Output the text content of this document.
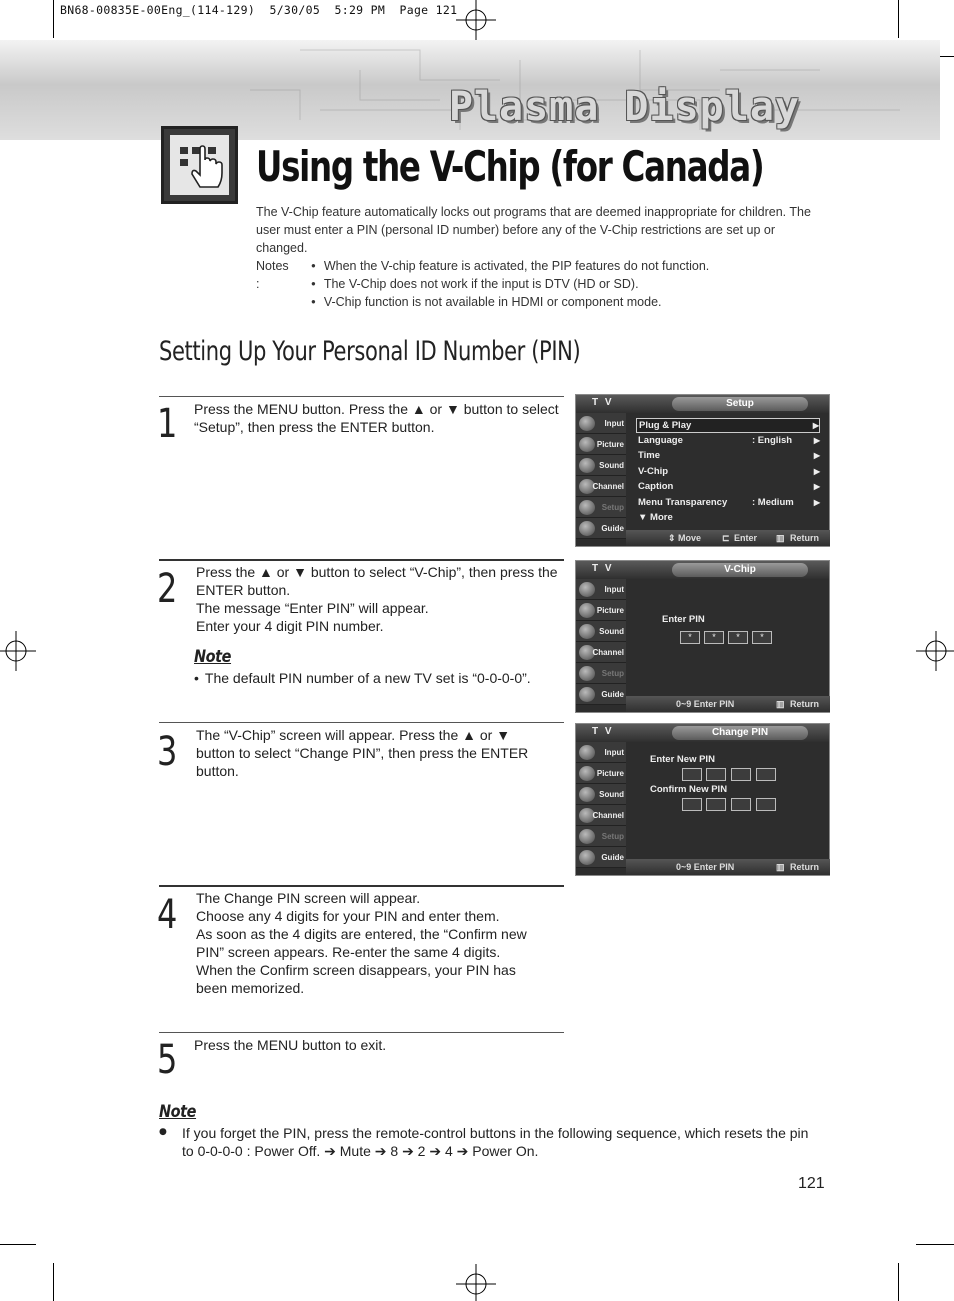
BN68-00835E-00Eng_(114-129)  5/30/05  5:29 PM  Page 121
Plasma Display
Using the V-Chip (for Canada)
The V-Chip feature automatically locks out programs that are deemed inappropriate for children. The user must enter a PIN (personal ID number) before any of the V-Chip restrictions are set up or changed.
Notes :
● When the V-chip feature is activated, the PIP features do not function.
● The V-Chip does not work if the input is DTV (HD or SD).
● V-Chip function is not available in HDMI or component mode.
Setting Up Your Personal ID Number (PIN)
1 Press the MENU button. Press the ▲ or ▼ button to select “Setup”, then press the ENTER button.
2 Press the ▲ or ▼ button to select “V-Chip”, then press the ENTER button.
The message “Enter PIN” will appear.
Enter your 4 digit PIN number.
Note
• The default PIN number of a new TV set is “0-0-0-0”.
3 The “V-Chip” screen will appear. Press the ▲ or ▼ button to select “Change PIN”, then press the ENTER button.
4 The Change PIN screen will appear.
Choose any 4 digits for your PIN and enter them.
As soon as the 4 digits are entered, the “Confirm new PIN” screen appears. Re-enter the same 4 digits.
When the Confirm screen disappears, your PIN has been memorized.
5 Press the MENU button to exit.
T V	Setup
Input
Picture
Sound
Channel
Setup
Guide
Plug & Play	▶
Language	: English	▶
Time	▶
V-Chip	▶
Caption	▶
Menu Transparency	: Medium	▶
▼ More
⇕ Move ⊏ Enter ▥ Return
T V	V-Chip
Input
Picture
Sound
Channel
Setup
Guide
Enter PIN
*	*	*	*
0~9 Enter PIN	▥ Return
T V	Change PIN
Input
Picture
Sound
Channel
Setup
Guide
Enter New PIN
Confirm New PIN
0~9 Enter PIN	▥ Return
Note
● If you forget the PIN, press the remote-control buttons in the following sequence, which resets the pin to 0-0-0-0 : Power Off. ➔ Mute ➔ 8 ➔ 2 ➔ 4 ➔ Power On.
121
